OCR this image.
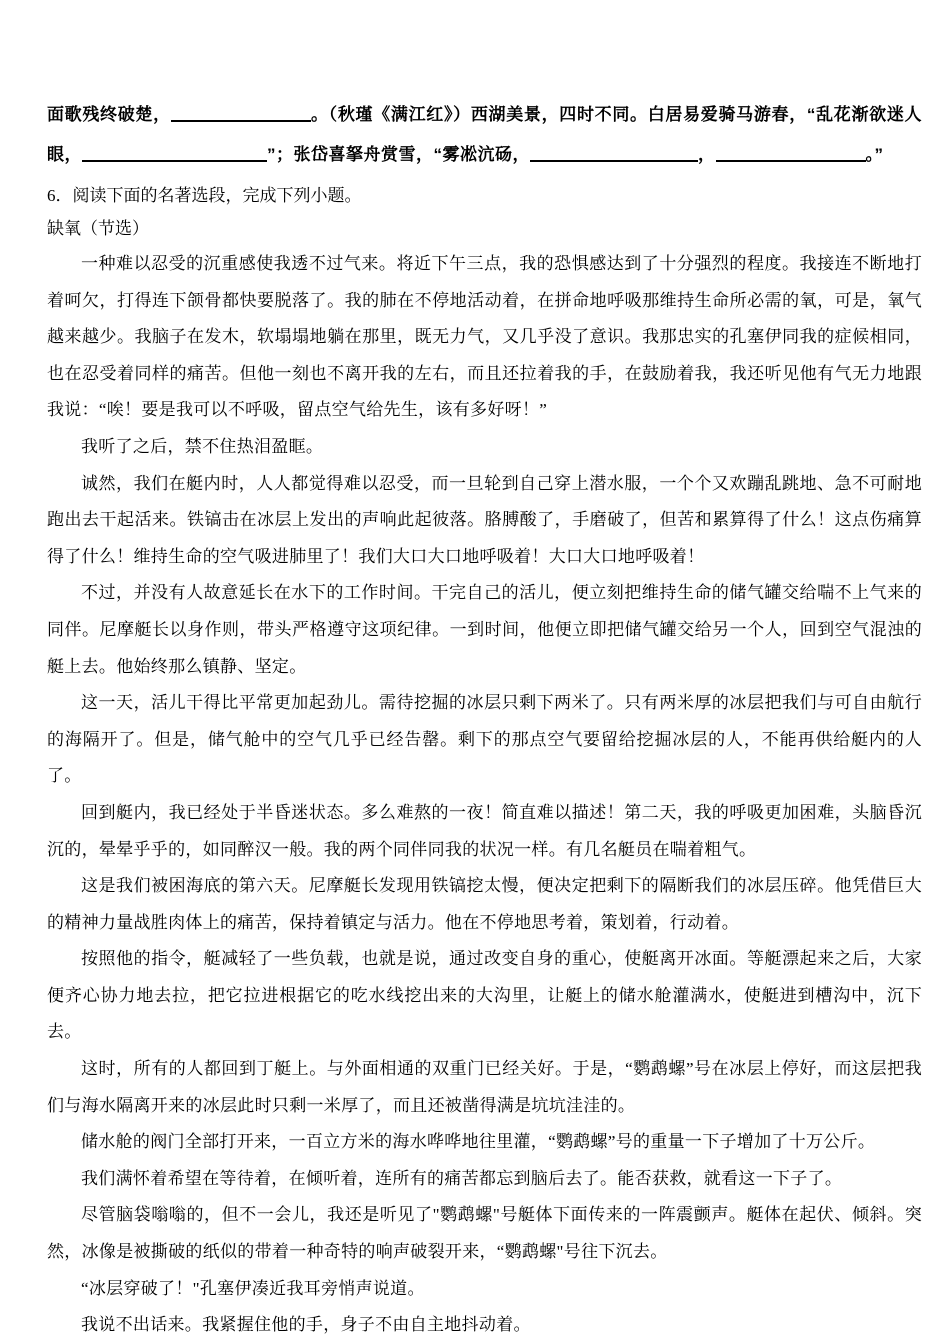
面歌残终破楚，	。（秋瑾《满江红》）西湖美景，四时不同。白居易爱骑马游春，“乱花渐欲迷人眼，	”；张岱喜拏舟赏雪，“雾凇沆砀，	，	。”

6．阅读下面的名著选段，完成下列小题。

缺氧（节选）

一种难以忍受的沉重感使我透不过气来。将近下午三点，我的恐惧感达到了十分强烈的程度。我接连不断地打着呵欠，打得连下颌骨都快要脱落了。我的肺在不停地活动着，在拼命地呼吸那维持生命所必需的氧，可是，氧气越来越少。我脑子在发木，软塌塌地躺在那里，既无力气，又几乎没了意识。我那忠实的孔塞伊同我的症候相同，也在忍受着同样的痛苦。但他一刻也不离开我的左右，而且还拉着我的手，在鼓励着我，我还听见他有气无力地跟我说：“唉！要是我可以不呼吸，留点空气给先生，该有多好呀！”

我听了之后，禁不住热泪盈眶。

诚然，我们在艇内时，人人都觉得难以忍受，而一旦轮到自己穿上潜水服，一个个又欢蹦乱跳地、急不可耐地跑出去干起活来。铁镐击在冰层上发出的声响此起彼落。胳膊酸了，手磨破了，但苦和累算得了什么！这点伤痛算得了什么！维持生命的空气吸进肺里了！我们大口大口地呼吸着！大口大口地呼吸着！

不过，并没有人故意延长在水下的工作时间。干完自己的活儿，便立刻把维持生命的储气罐交给喘不上气来的同伴。尼摩艇长以身作则，带头严格遵守这项纪律。一到时间，他便立即把储气罐交给另一个人，回到空气混浊的艇上去。他始终那么镇静、坚定。

这一天，活儿干得比平常更加起劲儿。需待挖掘的冰层只剩下两米了。只有两米厚的冰层把我们与可自由航行的海隔开了。但是，储气舱中的空气几乎已经告罄。剩下的那点空气要留给挖掘冰层的人，不能再供给艇内的人了。

回到艇内，我已经处于半昏迷状态。多么难熬的一夜！简直难以描述！第二天，我的呼吸更加困难，头脑昏沉沉的，晕晕乎乎的，如同醉汉一般。我的两个同伴同我的状况一样。有几名艇员在喘着粗气。

这是我们被困海底的第六天。尼摩艇长发现用铁镐挖太慢，便决定把剩下的隔断我们的冰层压碎。他凭借巨大的精神力量战胜肉体上的痛苦，保持着镇定与活力。他在不停地思考着，策划着，行动着。

按照他的指令，艇减轻了一些负载，也就是说，通过改变自身的重心，使艇离开冰面。等艇漂起来之后，大家便齐心协力地去拉，把它拉进根据它的吃水线挖出来的大沟里，让艇上的储水舱灌满水，使艇进到槽沟中，沉下去。

这时，所有的人都回到丁艇上。与外面相通的双重门已经关好。于是，“鹦鹉螺”号在冰层上停好，而这层把我们与海水隔离开来的冰层此时只剩一米厚了，而且还被凿得满是坑坑洼洼的。

储水舱的阀门全部打开来，一百立方米的海水哗哗地往里灌，“鹦鹉螺”号的重量一下子增加了十万公斤。

我们满怀着希望在等待着，在倾听着，连所有的痛苦都忘到脑后去了。能否获救，就看这一下子了。

尽管脑袋嗡嗡的，但不一会儿，我还是听见了"鹦鹉螺"号艇体下面传来的一阵震颤声。艇体在起伏、倾斜。突然，冰像是被撕破的纸似的带着一种奇特的响声破裂开来，“鹦鹉螺"号往下沉去。

“冰层穿破了！"孔塞伊凑近我耳旁悄声说道。

我说不出话来。我紧握住他的手，身子不由自主地抖动着。
